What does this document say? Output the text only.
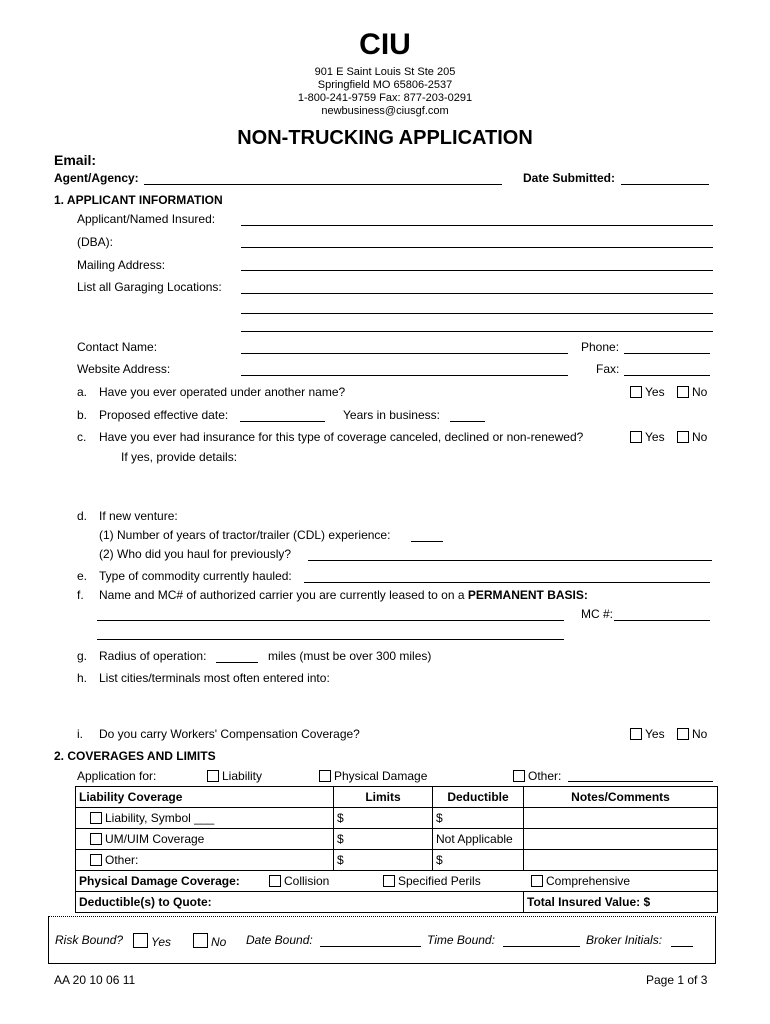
CIU
901 E Saint Louis St Ste 205
Springfield MO 65806-2537
1-800-241-9759 Fax: 877-203-0291
newbusiness@ciusgf.com
NON-TRUCKING APPLICATION
Email:
Agent/Agency:	Date Submitted:
1. APPLICANT INFORMATION
Applicant/Named Insured:
(DBA):
Mailing Address:
List all Garaging Locations:
Contact Name:	Phone:
Website Address:	Fax:
a. Have you ever operated under another name?	Yes	No
b. Proposed effective date:	Years in business:
c. Have you ever had insurance for this type of coverage canceled, declined or non-renewed?	Yes	No
If yes, provide details:
d. If new venture:
(1) Number of years of tractor/trailer (CDL) experience:
(2) Who did you haul for previously?
e. Type of commodity currently hauled:
f. Name and MC# of authorized carrier you are currently leased to on a PERMANENT BASIS:
MC #:
g. Radius of operation:	miles (must be over 300 miles)
h. List cities/terminals most often entered into:
i. Do you carry Workers' Compensation Coverage?	Yes	No
2. COVERAGES AND LIMITS
Application for:	Liability	Physical Damage	Other:
Liability Coverage	Limits	Deductible	Notes/Comments
Liability, Symbol ___	$	$	
UM/UIM Coverage	$	Not Applicable	
Other:	$	$	
Physical Damage Coverage: Collision Specified Perils Comprehensive			

Deductible(s) to Quote:			Total Insured Value: $
Risk Bound?	Yes	No Date Bound:	Time Bound:	Broker Initials:
AA 20 10 06 11	Page 1 of 3
